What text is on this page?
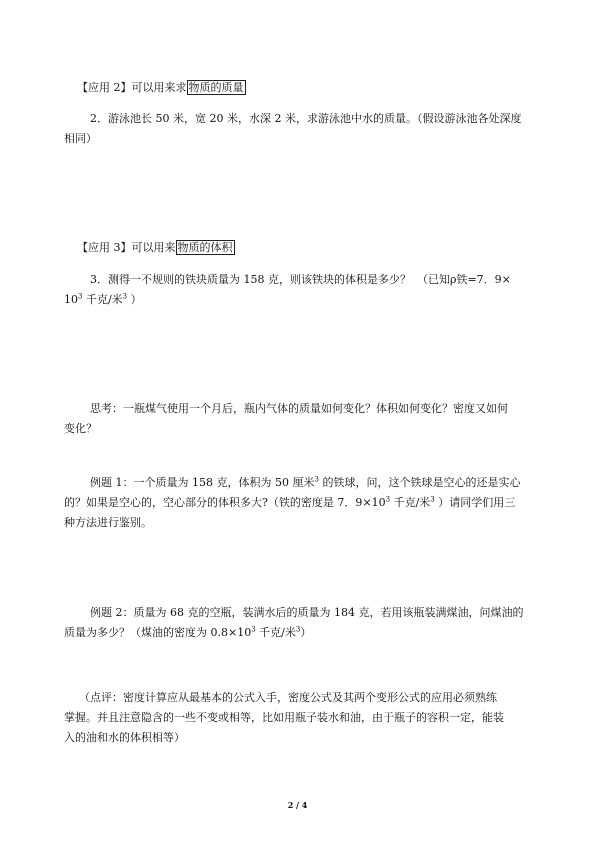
【应用 2】可以用来求 物质的质量
2．游泳池长 50 米，宽 20 米，水深 2 米，求游泳池中水的质量。（假设游泳池各处深度
相同）
【应用 3】可以用来 物质的体积
3．测得一不规则的铁块质量为 158 克，则该铁块的体积是多少？ （已知ρ铁=7．9×
$10^3$ 千克/米$^3$ ）
思考：一瓶煤气使用一个月后，瓶内气体的质量如何变化？体积如何变化？密度又如何
变化？
例题 1：一个质量为 158 克，体积为 50 厘米$^3$ 的铁球，问，这个铁球是空心的还是实心
的？如果是空心的，空心部分的体积多大?（铁的密度是 7．$9\times 10^3$ 千克/米$^3$ ）请同学们用三
种方法进行鉴别。
例题 2：质量为 68 克的空瓶，装满水后的质量为 184 克，若用该瓶装满煤油，问煤油的
质量为多少？（煤油的密度为 $0.8\times 10^3$ 千克/米$^3$）
（点评：密度计算应从最基本的公式入手，密度公式及其两个变形公式的应用必须熟练
掌握。并且注意隐含的一些不变或相等，比如用瓶子装水和油，由于瓶子的容积一定，能装
入的油和水的体积相等）
2 / 4
